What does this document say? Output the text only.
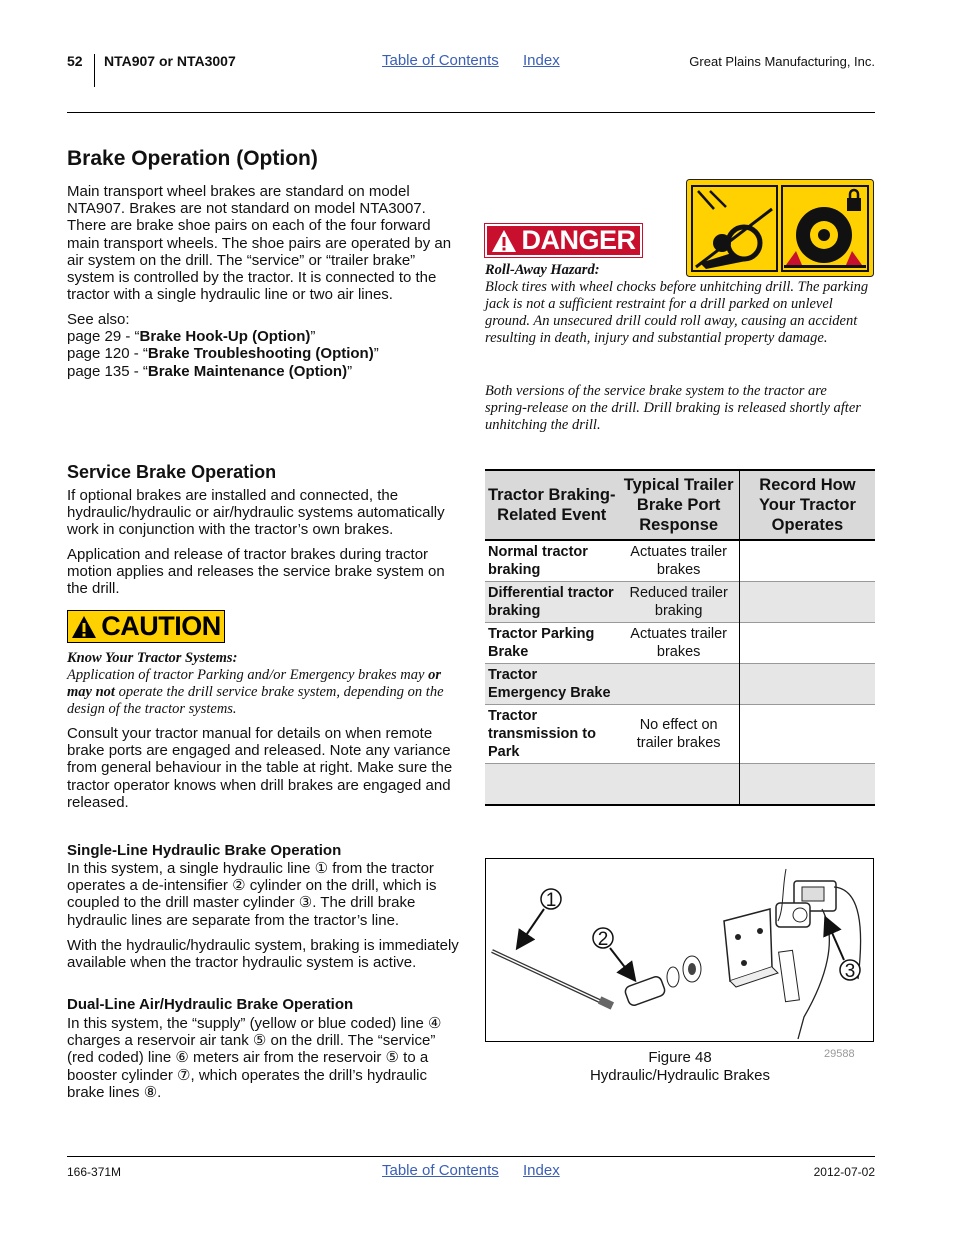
52 NTA907 or NTA3007	Table of Contents Index	Great Plains Manufacturing, Inc.
Brake Operation (Option)

Main transport wheel brakes are standard on model NTA907. Brakes are not standard on model NTA3007. There are brake shoe pairs on each of the four forward main transport wheels. The shoe pairs are operated by an air system on the drill. The “service” or “trailer brake” system is controlled by the tractor. It is connected to the tractor with a single hydraulic line or two air lines.

See also:
page 29 - “Brake Hook-Up (Option)”
page 120 - “Brake Troubleshooting (Option)”
page 135 - “Brake Maintenance (Option)”
DANGER

Roll-Away Hazard:

Block tires with wheel chocks before unhitching drill. The parking jack is not a sufficient restraint for a drill parked on unlevel ground. An unsecured drill could roll away, causing an accident resulting in death, injury and substantial property damage.

Both versions of the service brake system to the tractor are spring-release on the drill. Drill braking is released shortly after unhitching the drill.

Service Brake Operation

If optional brakes are installed and connected, the hydraulic/hydraulic or air/hydraulic systems automatically work in conjunction with the tractor’s own brakes.

Application and release of tractor brakes during tractor motion applies and releases the service brake system on the drill.

CAUTION

Know Your Tractor Systems:

Application of tractor Parking and/or Emergency brakes may or may not operate the drill service brake system, depending on the design of the tractor systems.

Consult your tractor manual for details on when remote brake ports are engaged and released. Note any variance from general behaviour in the table at right. Make sure the tractor operator knows when drill brakes are engaged and released.

Tractor Braking-Related Event	Typical Trailer Brake Port Response	Record How Your Tractor Operates
Normal tractor braking	Actuates trailer brakes	
Differential tractor braking	Reduced trailer braking	
Tractor Parking Brake	Actuates trailer brakes	
Tractor Emergency Brake		
Tractor transmission to Park	No effect on trailer brakes	

Single-Line Hydraulic Brake Operation

In this system, a single hydraulic line ① from the tractor operates a de-intensifier ② cylinder on the drill, which is coupled to the drill master cylinder ③. The drill brake hydraulic lines are separate from the tractor’s line.

With the hydraulic/hydraulic system, braking is immediately available when the tractor hydraulic system is active.

Dual-Line Air/Hydraulic Brake Operation

In this system, the “supply” (yellow or blue coded) line ④ charges a reservoir air tank ⑤ on the drill. The “service” (red coded) line ⑥ meters air from the reservoir ⑤ to a booster cylinder ⑦, which operates the drill’s hydraulic brake lines ⑧.

1
2
3
Figure 48
Hydraulic/Hydraulic Brakes
29588
166-371M	Table of Contents Index	2012-07-02
